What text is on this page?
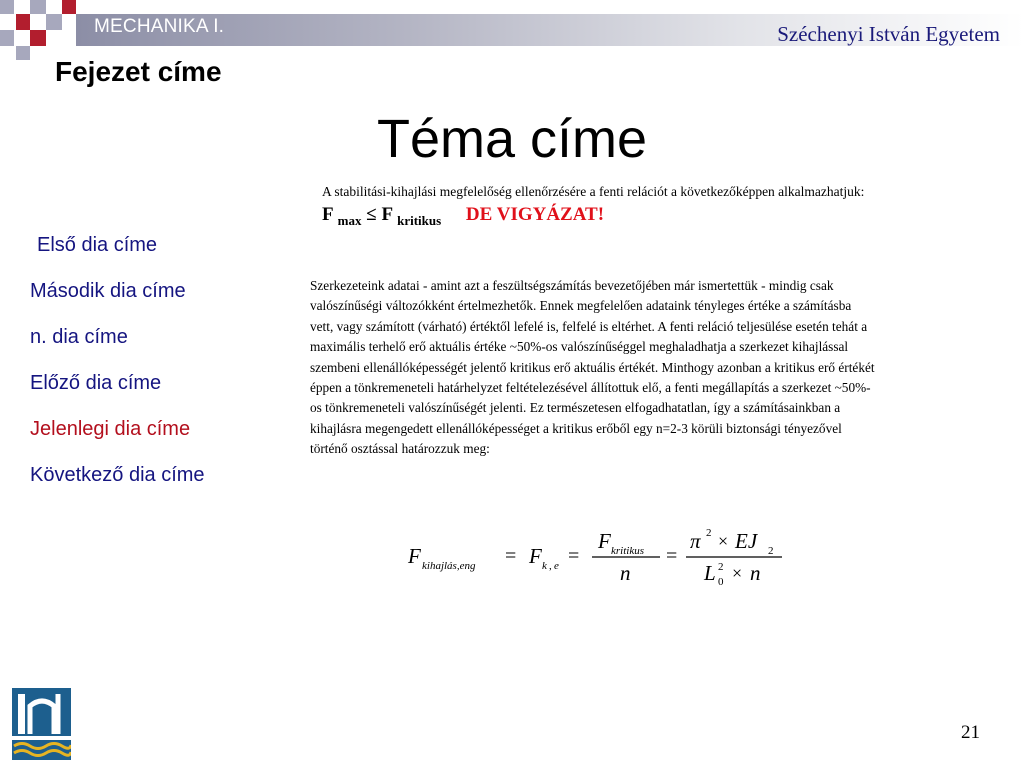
MECHANIKA I.	Széchenyi István Egyetem
Fejezet címe
Téma címe
Első dia címe
Második dia címe
n. dia címe
Előző dia címe
Jelenlegi dia címe
Következő dia címe
A stabilitási-kihajlási megfelelőség ellenőrzésére a fenti relációt a következőképpen alkalmazhatjuk:
F $_{max}$ ≤ F $_{kritikus}$ DE VIGYÁZAT!
Szerkezeteink adatai - amint azt a feszültségszámítás bevezetőjében már ismertettük - mindig csak valószínűségi változókként értelmezhetők. Ennek megfelelően adataink tényleges értéke a számításba vett, vagy számított (várható) értéktől lefelé is, felfelé is eltérhet. A fenti reláció teljesülése esetén tehát a maximális terhelő erő aktuális értéke ~50%-os valószínűséggel meghaladhatja a szerkezet kihajlással szembeni ellenállóképességét jelentő kritikus erő aktuális értékét. Minthogy azonban a kritikus erő értékét éppen a tönkremeneteli határhelyzet feltételezésével állítottuk elő, a fenti megállapítás a szerkezet ~50%-os tönkremeneteli valószínűségét jelenti. Ez természetesen elfogadhatatlan, így a számításainkban a kihajlásra megengedett ellenállóképességet a kritikus erőből egy n=2-3 körüli biztonsági tényezővel történő osztással határozzuk meg:
F kihajlás,eng = F k , e =
F kritikus
n
=
π 2 × EJ 2
L 2
0 × n
21
